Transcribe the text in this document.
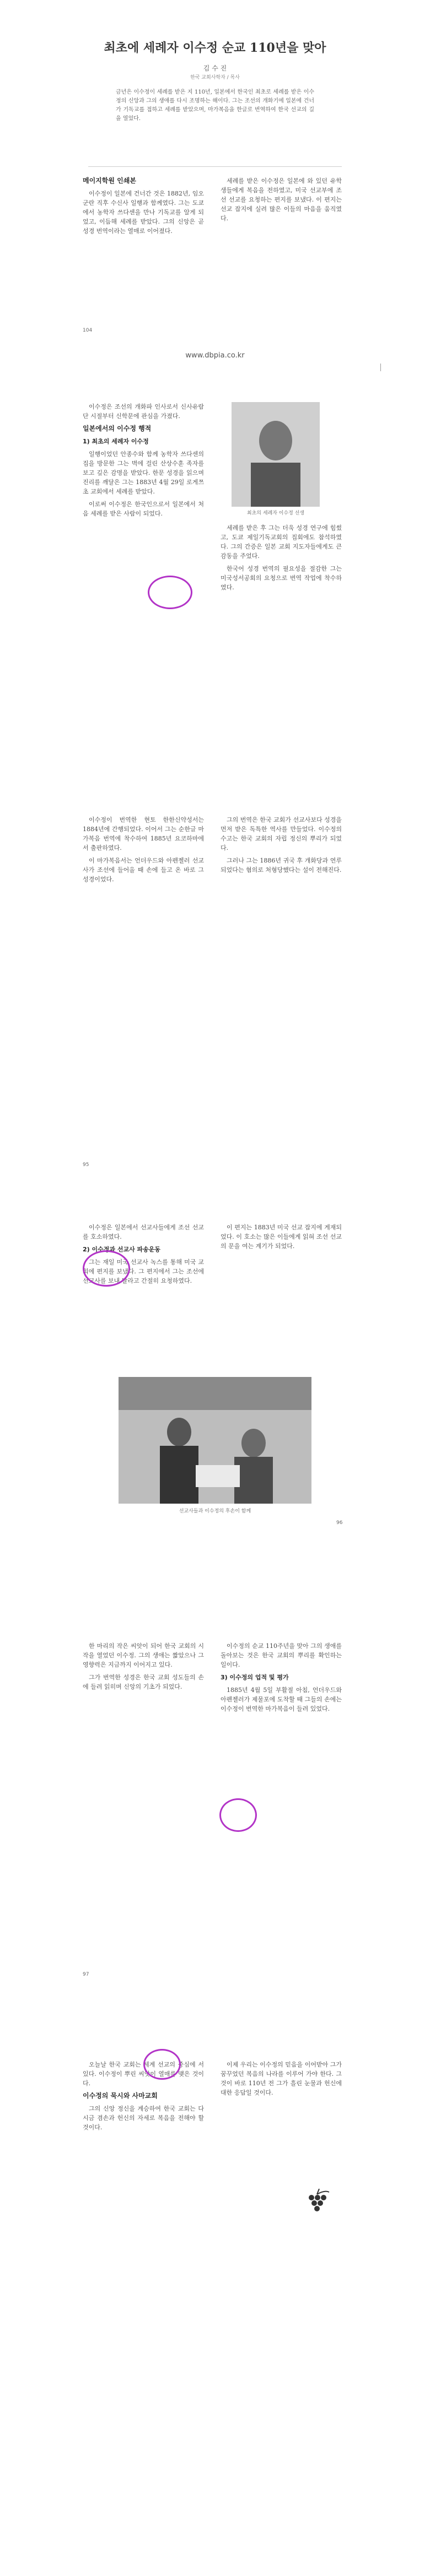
최초에 세례자 이수정 순교 110년을 맞아
김 수 진
한국 교회사학자 / 목사
금년은 이수정이 세례를 받은 지 110년, 일본에서 한국인 최초로 세례를 받은 이수정의 신앙과 그의 생애를 다시 조명하는 해이다. 그는 조선의 개화기에 일본에 건너가 기독교를 접하고 세례를 받았으며, 마가복음을 한글로 번역하여 한국 선교의 길을 열었다.

메이지학원 인쇄본

이수정이 일본에 건너간 것은 1882년, 임오군란 직후 수신사 일행과 함께였다. 그는 도쿄에서 농학자 쓰다센을 만나 기독교를 알게 되었고, 이듬해 세례를 받았다. 그의 신앙은 곧 성경 번역이라는 열매로 이어졌다.

세례를 받은 이수정은 일본에 와 있던 유학생들에게 복음을 전하였고, 미국 선교부에 조선 선교를 요청하는 편지를 보냈다. 이 편지는 선교 잡지에 실려 많은 이들의 마음을 움직였다.

104
www.dbpia.co.kr

이수정은 조선의 개화파 인사로서 신사유람단 시절부터 신학문에 관심을 가졌다.

일본에서의 이수정 행적

1) 최초의 세례자 이수정

일행이었던 안종수와 함께 농학자 쓰다센의 집을 방문한 그는 벽에 걸린 산상수훈 족자를 보고 깊은 감명을 받았다. 한문 성경을 읽으며 진리를 깨달은 그는 1883년 4월 29일 로게쯔초 교회에서 세례를 받았다.

이로써 이수정은 한국인으로서 일본에서 처음 세례를 받은 사람이 되었다.	최초의 세례자 이수정 선생

세례를 받은 후 그는 더욱 성경 연구에 힘썼고, 도쿄 제일기독교회의 집회에도 참석하였다. 그의 간증은 일본 교회 지도자들에게도 큰 감동을 주었다.

한국어 성경 번역의 필요성을 절감한 그는 미국성서공회의 요청으로 번역 작업에 착수하였다.

이수정이 번역한 현토 한한신약성서는 1884년에 간행되었다. 이어서 그는 순한글 마가복음 번역에 착수하여 1885년 요코하마에서 출판하였다.

이 마가복음서는 언더우드와 아펜젤러 선교사가 조선에 들어올 때 손에 들고 온 바로 그 성경이었다.

그의 번역은 한국 교회가 선교사보다 성경을 먼저 받은 독특한 역사를 만들었다. 이수정의 수고는 한국 교회의 자립 정신의 뿌리가 되었다.

그러나 그는 1886년 귀국 후 개화당과 연루되었다는 혐의로 처형당했다는 설이 전해진다.

95

이수정은 일본에서 선교사들에게 조선 선교를 호소하였다.

2) 이수정과 선교사 파송운동

그는 재일 미국 선교사 녹스를 통해 미국 교회에 편지를 보냈다. 그 편지에서 그는 조선에 선교사를 보내 달라고 간절히 요청하였다.

이 편지는 1883년 미국 선교 잡지에 게재되었다. 이 호소는 많은 이들에게 읽혀 조선 선교의 문을 여는 계기가 되었다.

선교사들과 이수정의 후손이 함께
96

한 마리의 작은 씨앗이 되어 한국 교회의 시작을 열었던 이수정. 그의 생애는 짧았으나 그 영향력은 지금까지 이어지고 있다.

그가 번역한 성경은 한국 교회 성도들의 손에 들려 읽히며 신앙의 기초가 되었다.

이수정의 순교 110주년을 맞아 그의 생애를 돌아보는 것은 한국 교회의 뿌리를 확인하는 일이다.

3) 이수정의 업적 및 평가

1885년 4월 5일 부활절 아침, 언더우드와 아펜젤러가 제물포에 도착할 때 그들의 손에는 이수정이 번역한 마가복음이 들려 있었다.

97

오늘날 한국 교회는 세계 선교의 중심에 서 있다. 이수정이 뿌린 씨앗이 열매를 맺은 것이다.

이수정의 묵시와 사마교회

그의 신앙 정신을 계승하여 한국 교회는 다시금 겸손과 헌신의 자세로 복음을 전해야 할 것이다.

이제 우리는 이수정의 믿음을 이어받아 그가 꿈꾸었던 복음의 나라를 이루어 가야 한다. 그것이 바로 110년 전 그가 흘린 눈물과 헌신에 대한 응답일 것이다.
